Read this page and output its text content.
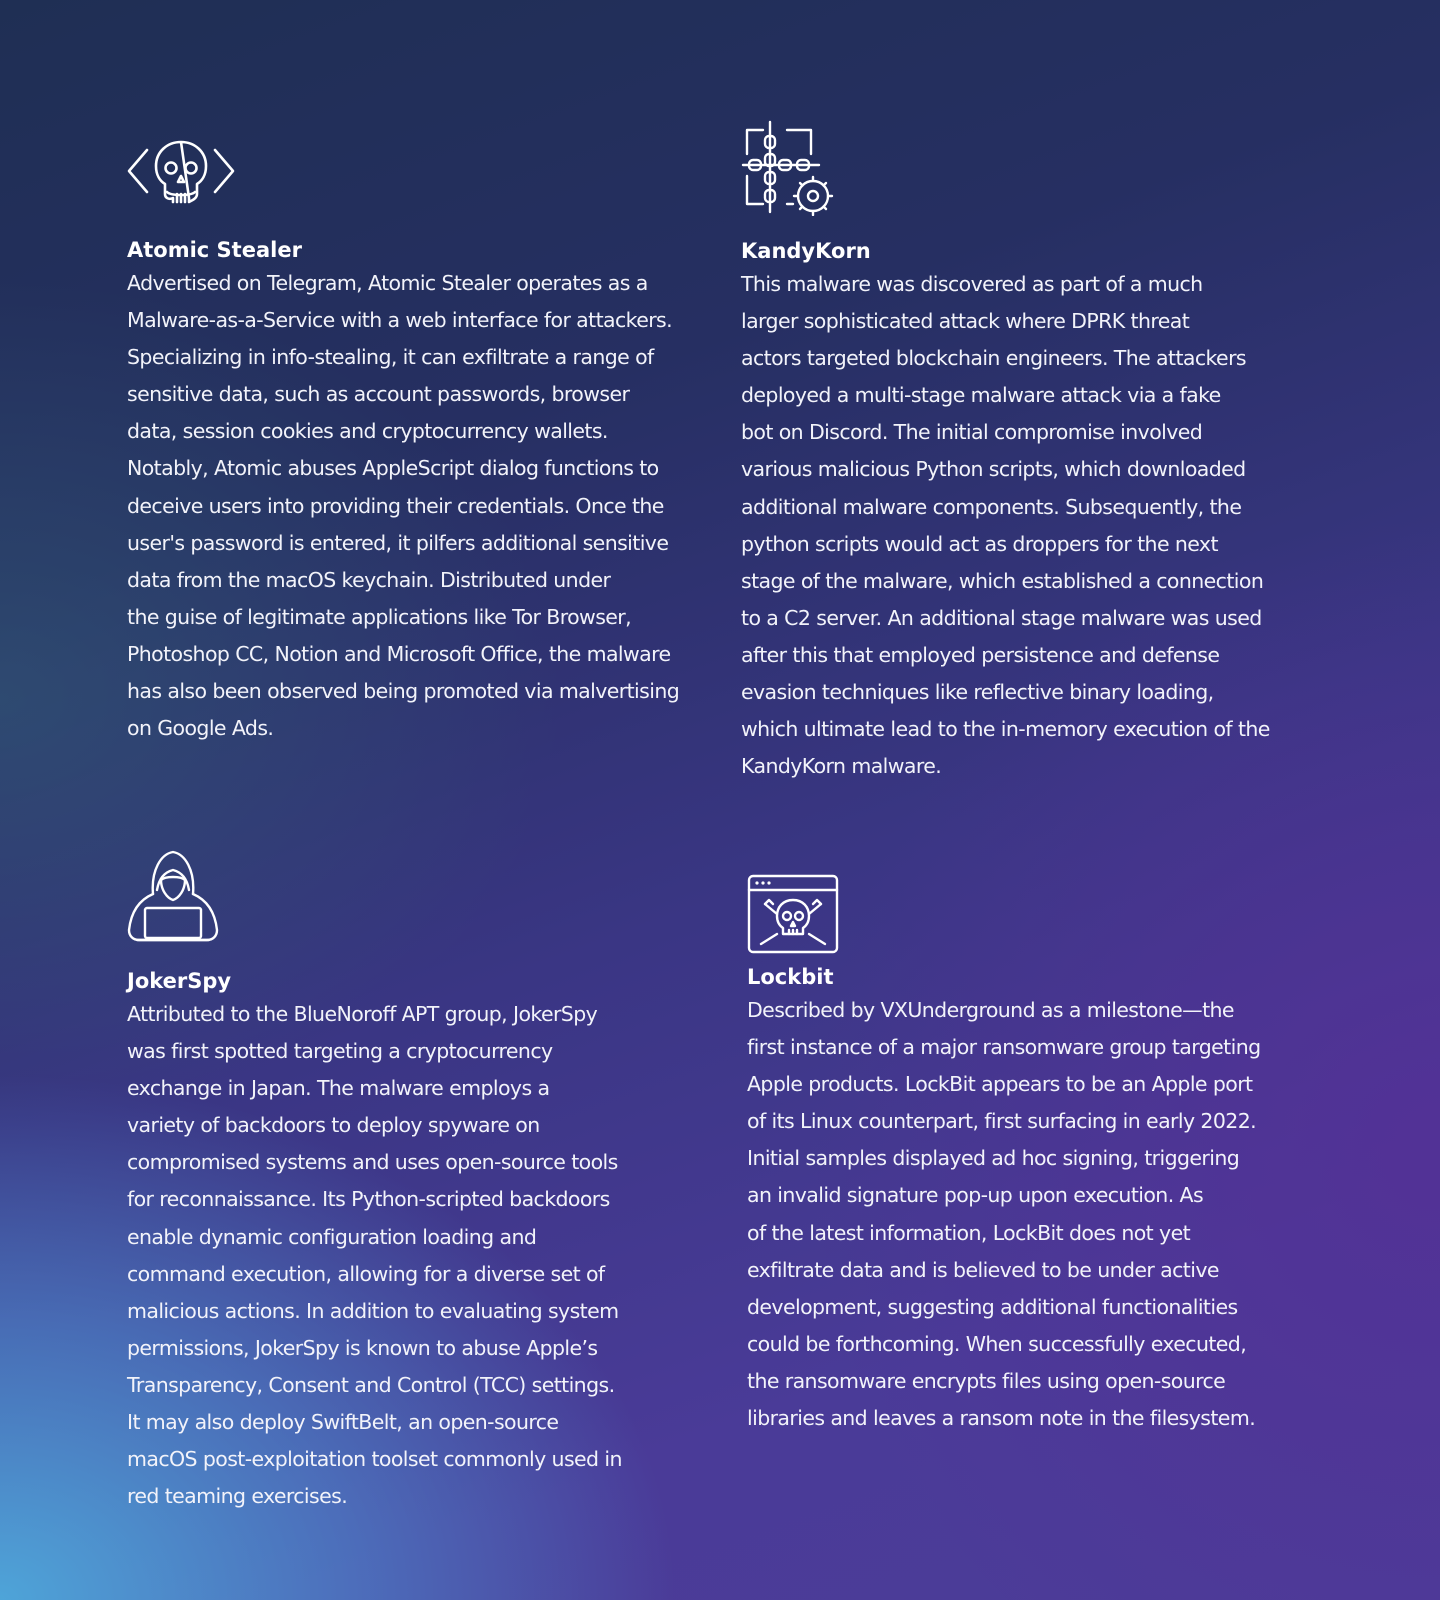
Atomic Stealer

Advertised on Telegram, Atomic Stealer operates as a
Malware-as-a-Service with a web interface for attackers.
Specializing in info-stealing, it can exfiltrate a range of
sensitive data, such as account passwords, browser
data, session cookies and cryptocurrency wallets.
Notably, Atomic abuses AppleScript dialog functions to
deceive users into providing their credentials. Once the
user's password is entered, it pilfers additional sensitive
data from the macOS keychain. Distributed under
the guise of legitimate applications like Tor Browser,
Photoshop CC, Notion and Microsoft Office, the malware
has also been observed being promoted via malvertising
on Google Ads.

KandyKorn

This malware was discovered as part of a much
larger sophisticated attack where DPRK threat
actors targeted blockchain engineers. The attackers
deployed a multi-stage malware attack via a fake
bot on Discord. The initial compromise involved
various malicious Python scripts, which downloaded
additional malware components. Subsequently, the
python scripts would act as droppers for the next
stage of the malware, which established a connection
to a C2 server. An additional stage malware was used
after this that employed persistence and defense
evasion techniques like reflective binary loading,
which ultimate lead to the in-memory execution of the
KandyKorn malware.

JokerSpy

Attributed to the BlueNoroff APT group, JokerSpy
was first spotted targeting a cryptocurrency
exchange in Japan. The malware employs a
variety of backdoors to deploy spyware on
compromised systems and uses open-source tools
for reconnaissance. Its Python-scripted backdoors
enable dynamic configuration loading and
command execution, allowing for a diverse set of
malicious actions. In addition to evaluating system
permissions, JokerSpy is known to abuse Apple’s
Transparency, Consent and Control (TCC) settings.
It may also deploy SwiftBelt, an open-source
macOS post-exploitation toolset commonly used in
red teaming exercises.

Lockbit

Described by VXUnderground as a milestone—the
first instance of a major ransomware group targeting
Apple products. LockBit appears to be an Apple port
of its Linux counterpart, first surfacing in early 2022.
Initial samples displayed ad hoc signing, triggering
an invalid signature pop-up upon execution. As
of the latest information, LockBit does not yet
exfiltrate data and is believed to be under active
development, suggesting additional functionalities
could be forthcoming. When successfully executed,
the ransomware encrypts files using open-source
libraries and leaves a ransom note in the filesystem.
